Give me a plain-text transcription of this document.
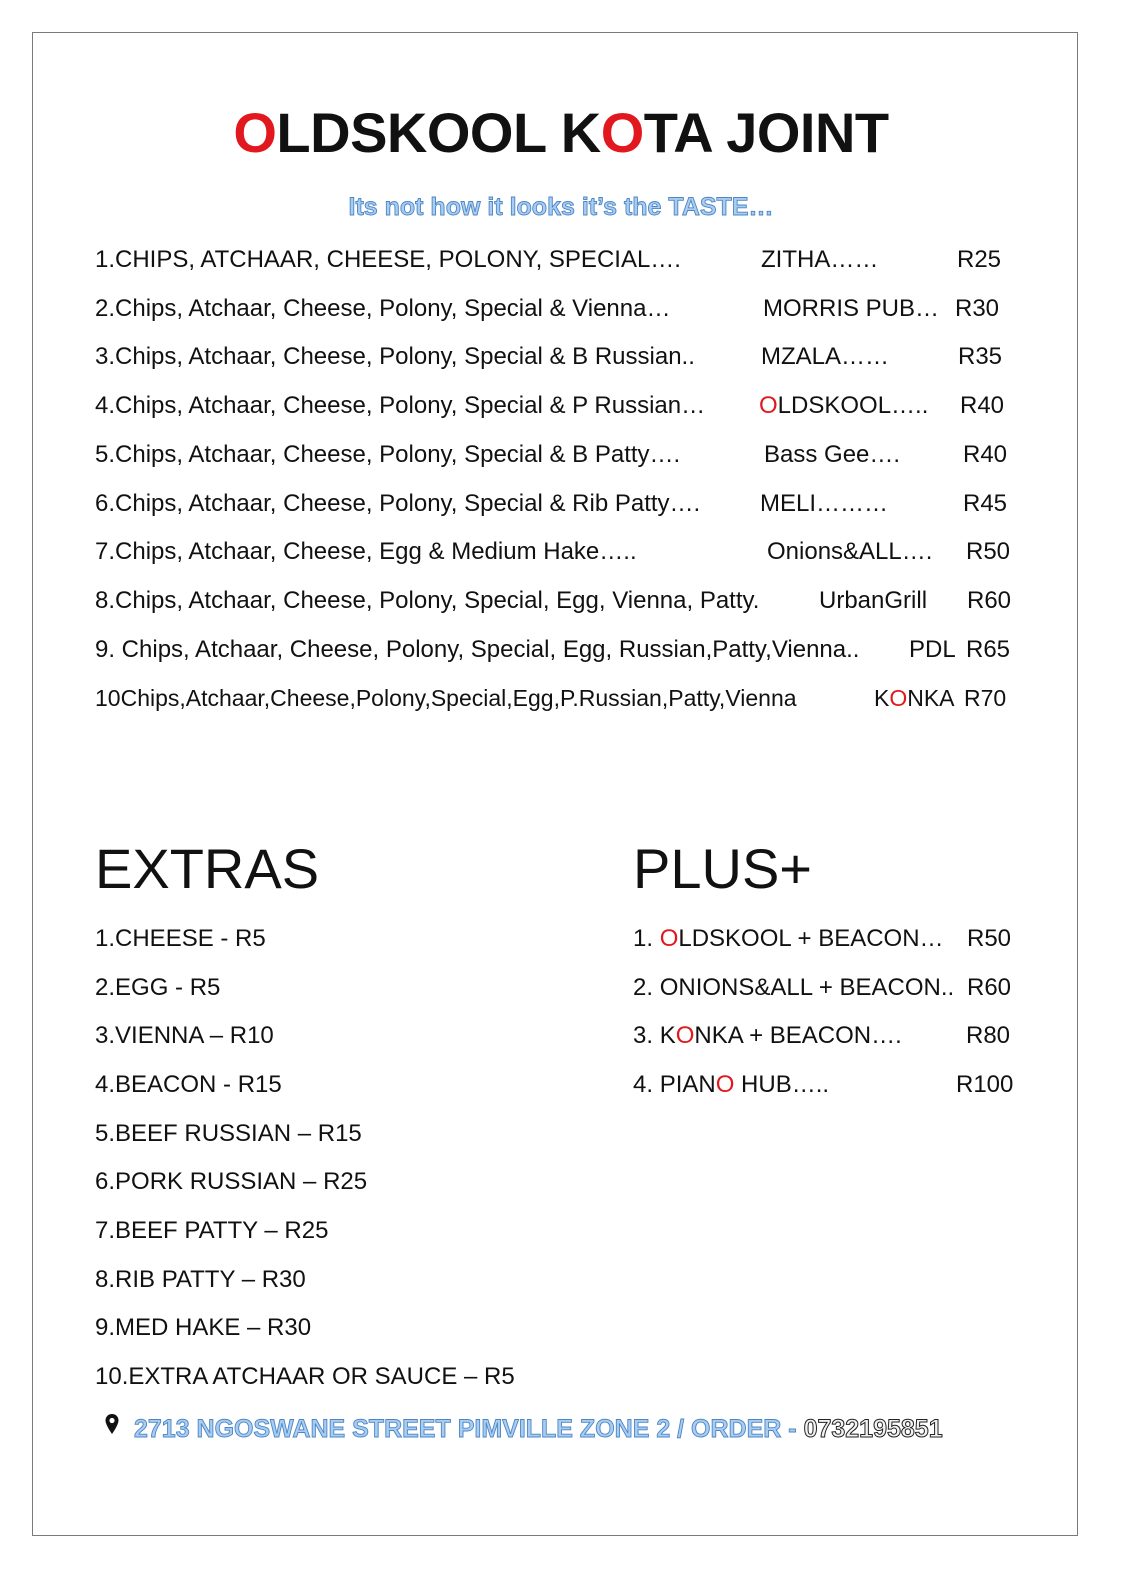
OLDSKOOL KOTA JOINT
Its not how it looks it’s the TASTE…
1.CHIPS, ATCHAAR, CHEESE, POLONY, SPECIAL….	ZITHA……	R25
2.Chips, Atchaar, Cheese, Polony, Special & Vienna…	MORRIS PUB… R30
3.Chips, Atchaar, Cheese, Polony, Special & B Russian..	MZALA……	R35
4.Chips, Atchaar, Cheese, Polony, Special & P Russian… OLDSKOOL….. R40
5.Chips, Atchaar, Cheese, Polony, Special & B Patty….	Bass Gee….	R40
6.Chips, Atchaar, Cheese, Polony, Special & Rib Patty…. MELI………	R45
7.Chips, Atchaar, Cheese, Egg & Medium Hake…..	Onions&ALL…. R50
8.Chips, Atchaar, Cheese, Polony, Special, Egg, Vienna, Patty. UrbanGrill R60
9. Chips, Atchaar, Cheese, Polony, Special, Egg, Russian,Patty,Vienna.. PDL R65
10Chips,Atchaar,Cheese,Polony,Special,Egg,P.Russian,Patty,Vienna	KONKA R70
EXTRAS
1.CHEESE - R5
2.EGG - R5
3.VIENNA – R10
4.BEACON - R15
5.BEEF RUSSIAN – R15
6.PORK RUSSIAN – R25
7.BEEF PATTY – R25
8.RIB PATTY – R30
9.MED HAKE – R30
10.EXTRA ATCHAAR OR SAUCE – R5
PLUS+
1. OLDSKOOL + BEACON… R50
2. ONIONS&ALL + BEACON.. R60
3. KONKA + BEACON….	R80
4. PIANO HUB…..	R100
2713 NGOSWANE STREET PIMVILLE ZONE 2 / ORDER - 0732195851
